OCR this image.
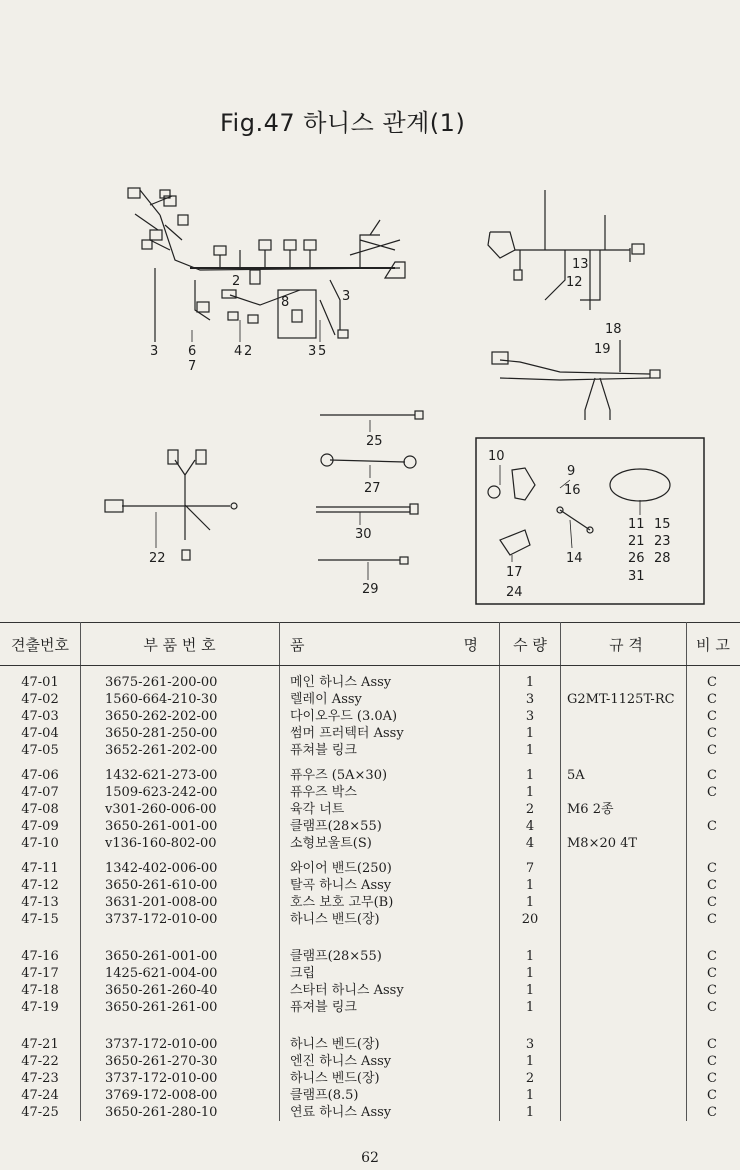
Fig.47 하니스 관계(1)
3 6
7
4 2	3 5
2
8	3
13
12
18
19
25
27
30
29
22
10
9
16
11 15
21 23
26 28
31
14
17
24
견출번호	부 품 번 호	품 명	수 량	규 격	비 고

47-01	3675-261-200-00	메인 하니스 Assy	1		C
47-02	1560-664-210-30	렐레이 Assy	3	G2MT-1125T-RC	C
47-03	3650-262-202-00	다이오우드 (3.0A)	3		C
47-04	3650-281-250-00	썸머 프러텍터 Assy	1		C
47-05	3652-261-202-00	퓨쳐블 링크	1		C

47-06	1432-621-273-00	퓨우즈 (5A×30)	1	5A	C
47-07	1509-623-242-00	퓨우즈 박스	1		C
47-08	v301-260-006-00	육각 너트	2	M6 2종	
47-09	3650-261-001-00	클램프(28×55)	4		C
47-10	v136-160-802-00	소형보울트(S)	4	M8×20 4T	

47-11	1342-402-006-00	와이어 밴드(250)	7		C
47-12	3650-261-610-00	탈곡 하니스 Assy	1		C
47-13	3631-201-008-00	호스 보호 고무(B)	1		C
47-15	3737-172-010-00	하니스 밴드(장)	20		C

47-16	3650-261-001-00	클램프(28×55)	1		C
47-17	1425-621-004-00	크립	1		C
47-18	3650-261-260-40	스타터 하니스 Assy	1		C
47-19	3650-261-261-00	퓨져블 링크	1		C

47-21	3737-172-010-00	하니스 벤드(장)	3		C
47-22	3650-261-270-30	엔진 하니스 Assy	1		C
47-23	3737-172-010-00	하니스 벤드(장)	2		C
47-24	3769-172-008-00	클램프(8.5)	1		C
47-25	3650-261-280-10	연료 하니스 Assy	1		C
62
